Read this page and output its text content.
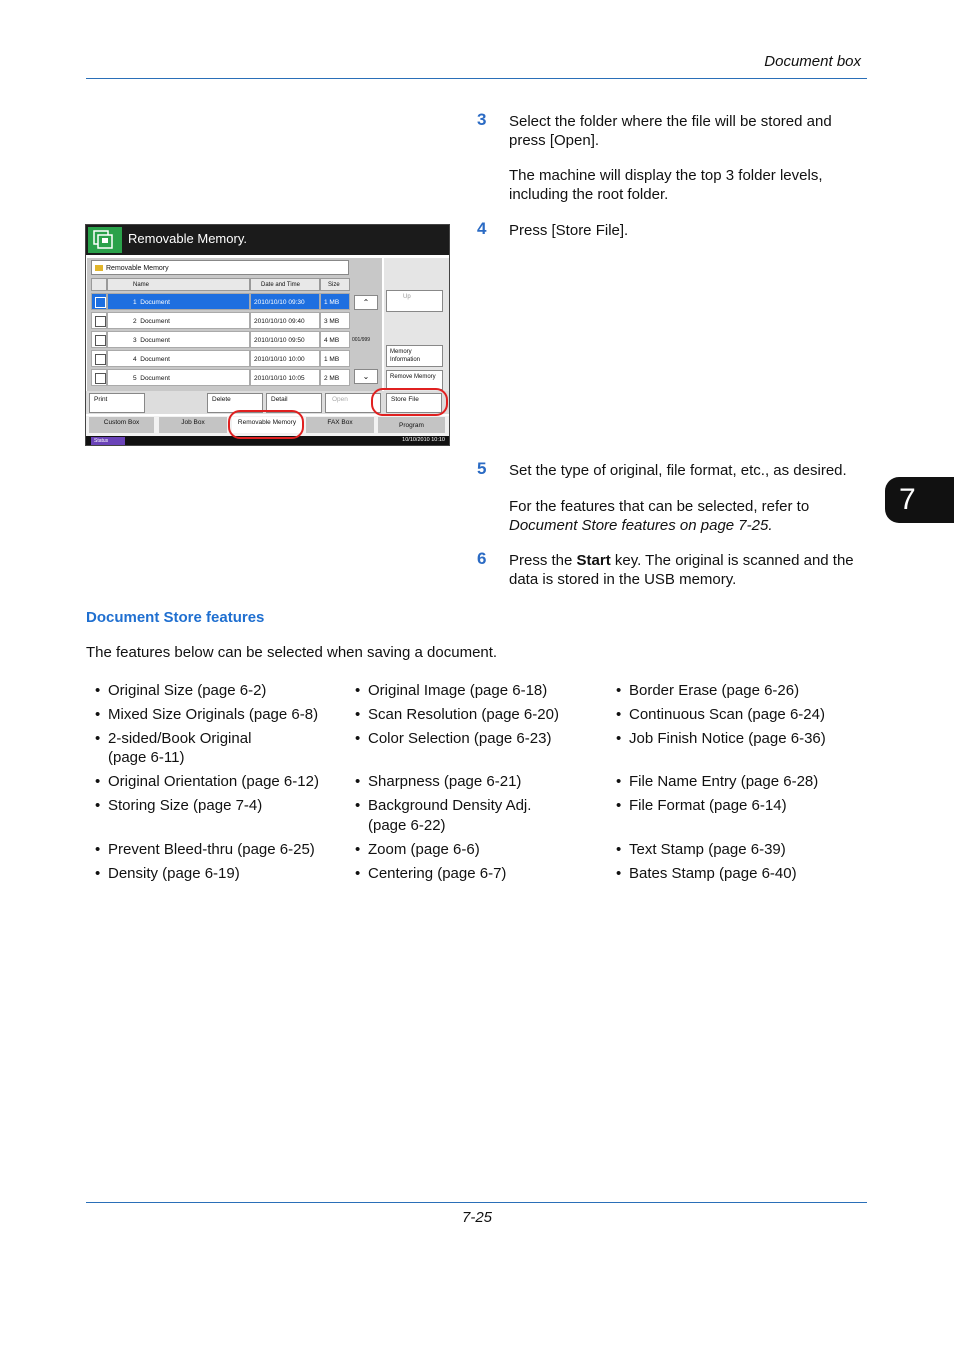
Document box
7
3 Select the folder where the file will be stored and press [Open].
The machine will display the top 3 folder levels, including the root folder.
4 Press [Store File].
5 Set the type of original, file format, etc., as desired.
For the features that can be selected, refer to
Document Store features on page 7-25.
6 Press the Start key. The original is scanned and the data is stored in the USB memory.
Removable Memory.
Removable Memory
Name	Date and Time	Size
1 Document	2010/10/10 09:30	1 MB
2 Document	2010/10/10 09:40	3 MB
3 Document	2010/10/10 09:50	4 MB
4 Document	2010/10/10 10:00	1 MB
5 Document	2010/10/10 10:05	2 MB
⌃
001/999
⌄
Up
Memory Information
Remove Memory
Print	Delete	Detail	Open	Store File
Custom Box	Job Box	Removable Memory	FAX Box	Program
Status	10/10/2010 10:10
Document Store features
The features below can be selected when saving a document.
• Original Size (page 6-2)
• Mixed Size Originals (page 6-8)
• 2-sided/Book Original
(page 6-11)
• Original Orientation (page 6-12)
• Storing Size (page 7-4)
• Prevent Bleed-thru (page 6-25)
• Density (page 6-19)
• Original Image (page 6-18)
• Scan Resolution (page 6-20)
• Color Selection (page 6-23)
• Sharpness (page 6-21)
• Background Density Adj.
(page 6-22)
• Zoom (page 6-6)
• Centering (page 6-7)
• Border Erase (page 6-26)
• Continuous Scan (page 6-24)
• Job Finish Notice (page 6-36)
• File Name Entry (page 6-28)
• File Format (page 6-14)
• Text Stamp (page 6-39)
• Bates Stamp (page 6-40)
7-25
